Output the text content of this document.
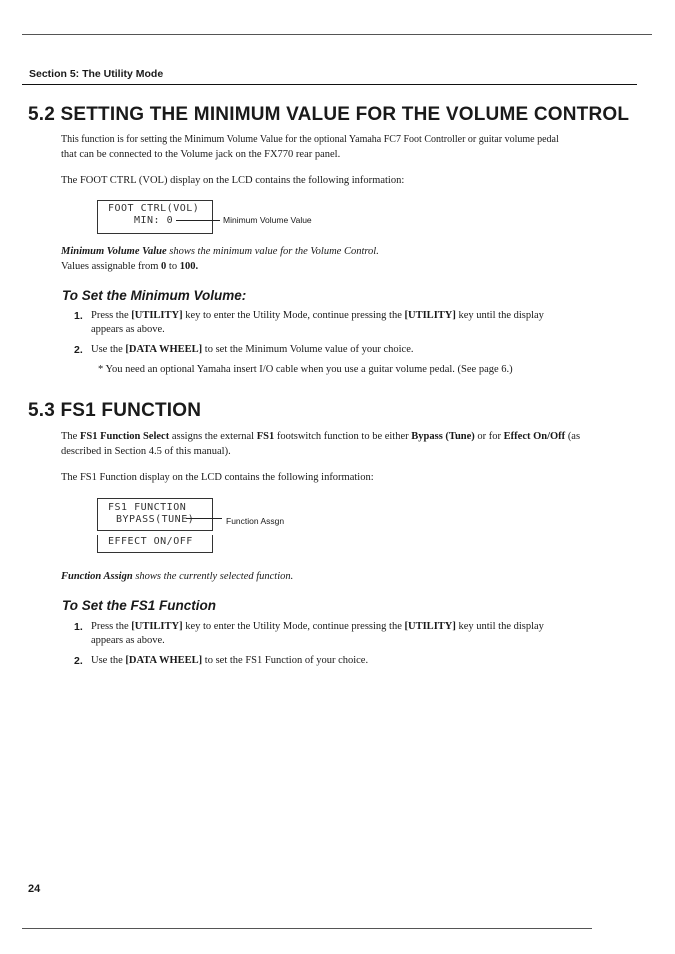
Section 5: The Utility Mode
5.2 SETTING THE MINIMUM VALUE FOR THE VOLUME CONTROL
This function is for setting the Minimum Volume Value for the optional Yamaha FC7 Foot Controller or guitar volume pedal
that can be connected to the Volume jack on the FX770 rear panel.
The FOOT CTRL (VOL) display on the LCD contains the following information:
FOOT CTRL(VOL)
MIN: 0	Minimum Volume Value
Minimum Volume Value shows the minimum value for the Volume Control.
Values assignable from 0 to 100.
To Set the Minimum Volume:
1. Press the [UTILITY] key to enter the Utility Mode, continue pressing the [UTILITY] key until the display
appears as above.
2. Use the [DATA WHEEL] to set the Minimum Volume value of your choice.
* You need an optional Yamaha insert I/O cable when you use a guitar volume pedal. (See page 6.)
5.3 FS1 FUNCTION
The FS1 Function Select assigns the external FS1 footswitch function to be either Bypass (Tune) or for Effect On/Off (as
described in Section 4.5 of this manual).
The FS1 Function display on the LCD contains the following information:
FS1 FUNCTION
BYPASS(TUNE)	Function Assgn
EFFECT ON/OFF
Function Assign shows the currently selected function.
To Set the FS1 Function
1. Press the [UTILITY] key to enter the Utility Mode, continue pressing the [UTILITY] key until the display
appears as above.
2. Use the [DATA WHEEL] to set the FS1 Function of your choice.
24
